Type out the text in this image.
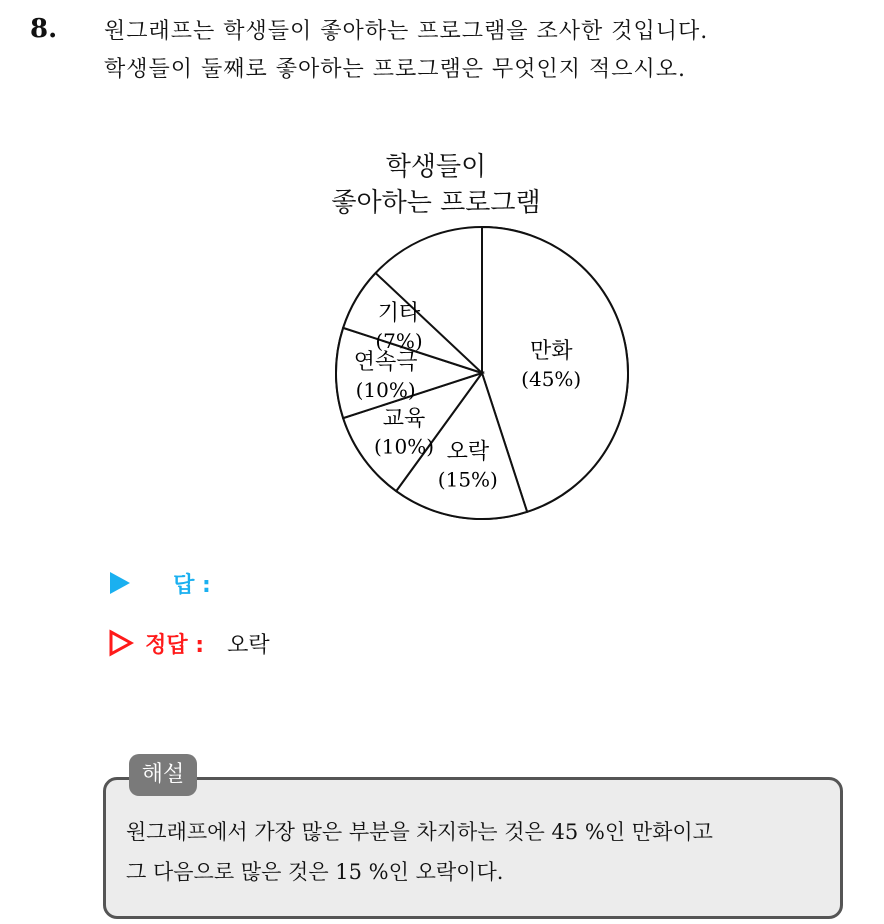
8. 원그래프는 학생들이 좋아하는 프로그램을 조사한 것입니다.
학생들이 둘째로 좋아하는 프로그램은 무엇인지 적으시오.
학생들이
좋아하는 프로그램
만화
(45%)
오락
(15%)
교육
(10%)
연속극
(10%)
기타
(7%)
답 :
정답 : 오락
해설
원그래프에서 가장 많은 부분을 차지하는 것은 45 %인 만화이고
그 다음으로 많은 것은 15 %인 오락이다.
